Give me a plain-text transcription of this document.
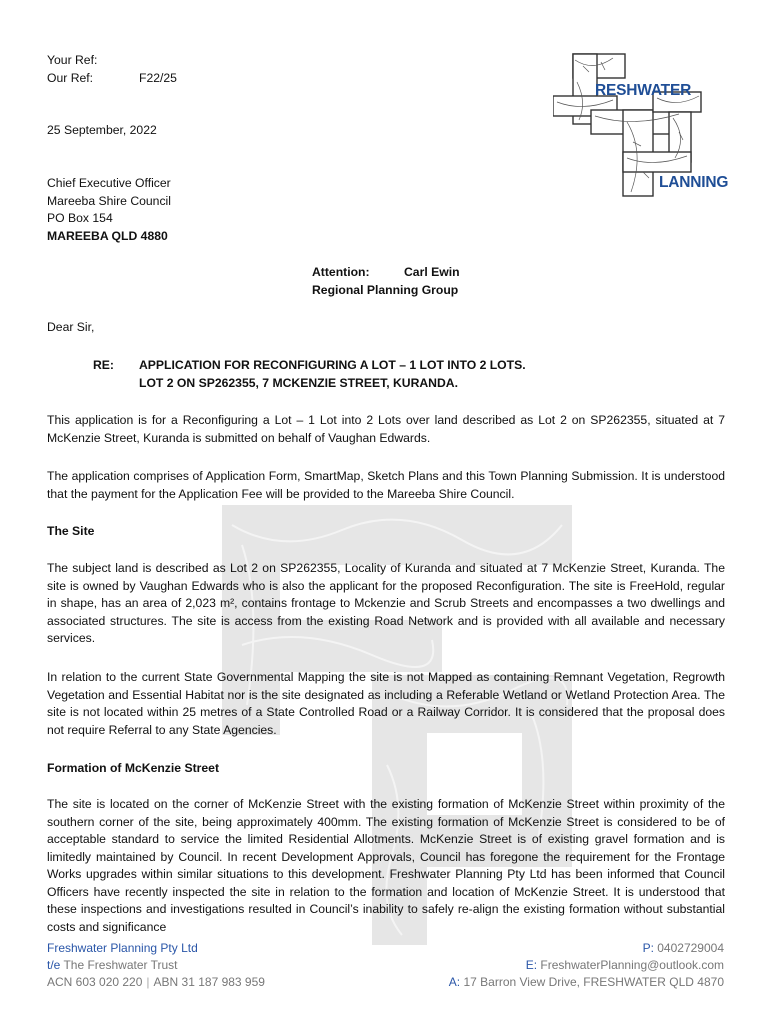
Your Ref:
Our Ref:	F22/25
RESHWATER
LANNING
25 September, 2022
Chief Executive Officer
Mareeba Shire Council
PO Box 154
MAREEBA QLD 4880
Attention:	Carl Ewin
Regional Planning Group
Dear Sir,
RE: APPLICATION FOR RECONFIGURING A LOT – 1 LOT INTO 2 LOTS.
LOT 2 ON SP262355, 7 MCKENZIE STREET, KURANDA.
This application is for a Reconfiguring a Lot – 1 Lot into 2 Lots over land described as Lot 2 on SP262355, situated at 7 McKenzie Street, Kuranda is submitted on behalf of Vaughan Edwards.
The application comprises of Application Form, SmartMap, Sketch Plans and this Town Planning Submission. It is understood that the payment for the Application Fee will be provided to the Mareeba Shire Council.
The Site
The subject land is described as Lot 2 on SP262355, Locality of Kuranda and situated at 7 McKenzie Street, Kuranda. The site is owned by Vaughan Edwards who is also the applicant for the proposed Reconfiguration. The site is FreeHold, regular in shape, has an area of 2,023 m², contains frontage to Mckenzie and Scrub Streets and encompasses a two dwellings and associated structures. The site is access from the existing Road Network and is provided with all available and necessary services.
In relation to the current State Governmental Mapping the site is not Mapped as containing Remnant Vegetation, Regrowth Vegetation and Essential Habitat nor is the site designated as including a Referable Wetland or Wetland Protection Area. The site is not located within 25 metres of a State Controlled Road or a Railway Corridor. It is considered that the proposal does not require Referral to any State Agencies.
Formation of McKenzie Street
The site is located on the corner of McKenzie Street with the existing formation of McKenzie Street within proximity of the southern corner of the site, being approximately 400mm. The existing formation of McKenzie Street is considered to be of acceptable standard to service the limited Residential Allotments. McKenzie Street is of existing gravel formation and is limitedly maintained by Council. In recent Development Approvals, Council has foregone the requirement for the Frontage Works upgrades within similar situations to this development. Freshwater Planning Pty Ltd has been informed that Council Officers have recently inspected the site in relation to the formation and location of McKenzie Street. It is understood that these inspections and investigations resulted in Council’s inability to safely re-align the existing formation without substantial costs and significance
Freshwater Planning Pty Ltd
t/e The Freshwater Trust
ACN 603 020 220 | ABN 31 187 983 959
P: 0402729004
E: FreshwaterPlanning@outlook.com
A: 17 Barron View Drive, FRESHWATER QLD 4870
